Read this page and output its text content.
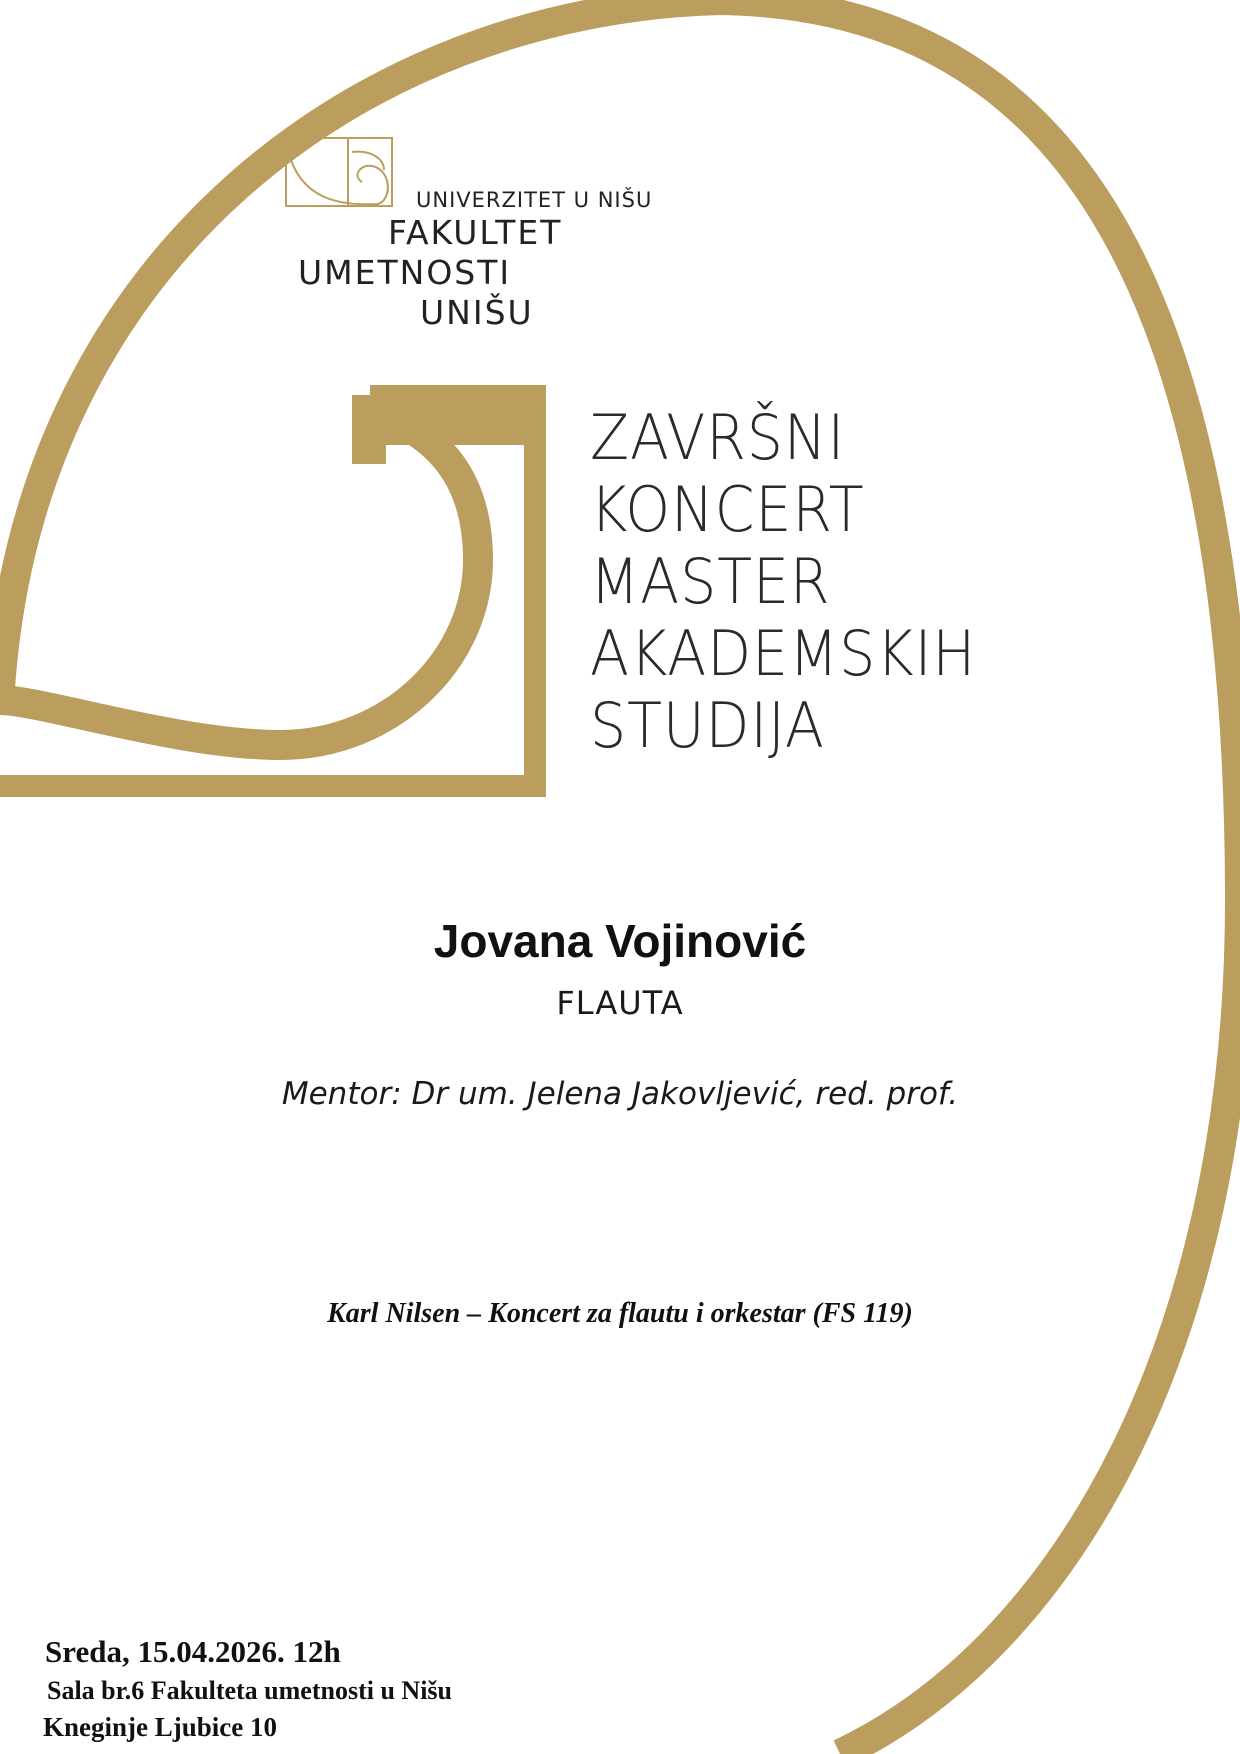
UNIVERZITET U NIŠU
FAKULTET
UMETNOSTI
UNIŠU
ZAVRŠNI
KONCERT
MASTER
AKADEMSKIH
STUDIJA
Jovana Vojinović
FLAUTA
Mentor: Dr um. Jelena Jakovljević, red. prof.
Karl Nilsen – Koncert za flautu i orkestar (FS 119)
Sreda, 15.04.2026. 12h
Sala br.6 Fakulteta umetnosti u Nišu
Kneginje Ljubice 10
